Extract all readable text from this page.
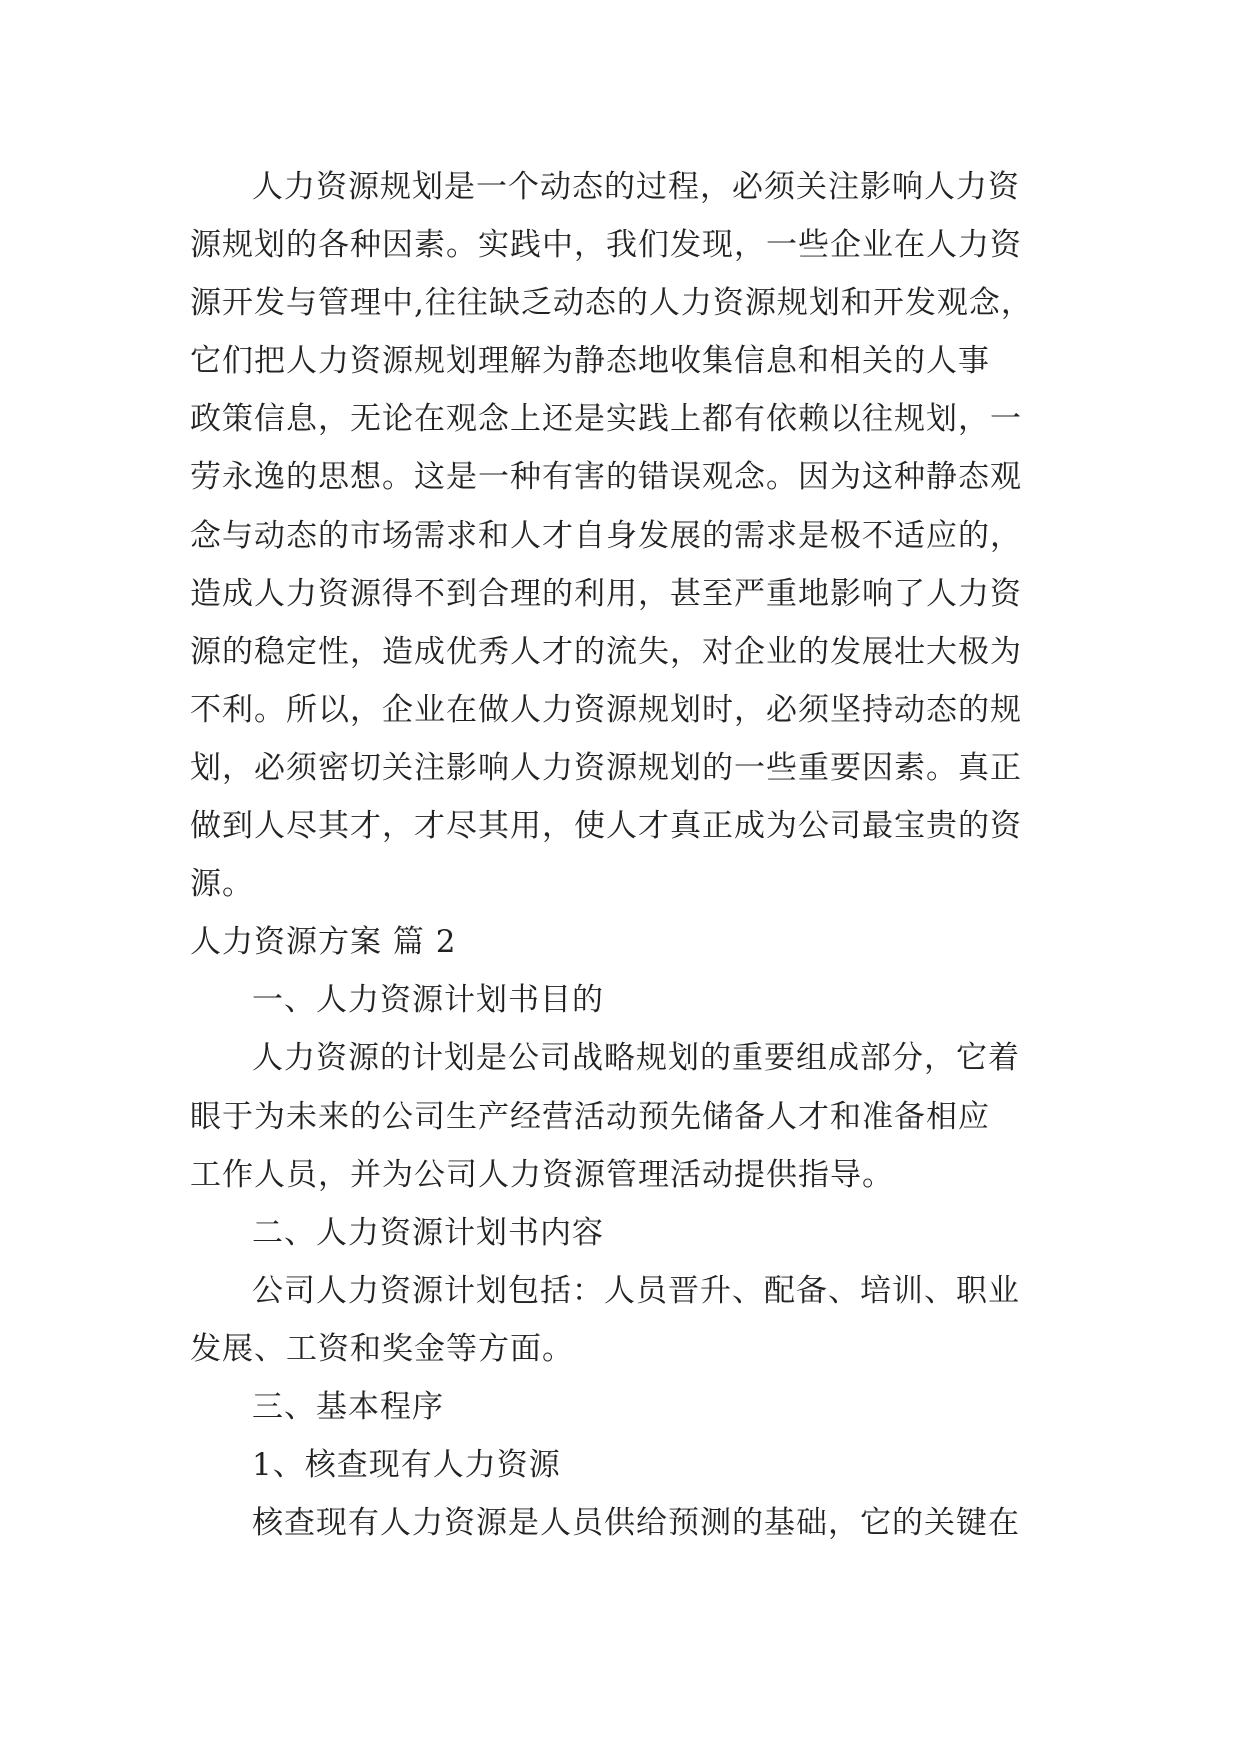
人力资源规划是一个动态的过程，必须关注影响人力资
源规划的各种因素。实践中，我们发现，一些企业在人力资
源开发与管理中,往往缺乏动态的人力资源规划和开发观念，
它们把人力资源规划理解为静态地收集信息和相关的人事
政策信息，无论在观念上还是实践上都有依赖以往规划，一
劳永逸的思想。这是一种有害的错误观念。因为这种静态观
念与动态的市场需求和人才自身发展的需求是极不适应的，
造成人力资源得不到合理的利用，甚至严重地影响了人力资
源的稳定性，造成优秀人才的流失，对企业的发展壮大极为
不利。所以，企业在做人力资源规划时，必须坚持动态的规
划，必须密切关注影响人力资源规划的一些重要因素。真正
做到人尽其才，才尽其用，使人才真正成为公司最宝贵的资
源。
人力资源方案 篇 2
一、人力资源计划书目的
人力资源的计划是公司战略规划的重要组成部分，它着
眼于为未来的公司生产经营活动预先储备人才和准备相应
工作人员，并为公司人力资源管理活动提供指导。
二、人力资源计划书内容
公司人力资源计划包括：人员晋升、配备、培训、职业
发展、工资和奖金等方面。
三、基本程序
1、核查现有人力资源
核查现有人力资源是人员供给预测的基础，它的关键在
